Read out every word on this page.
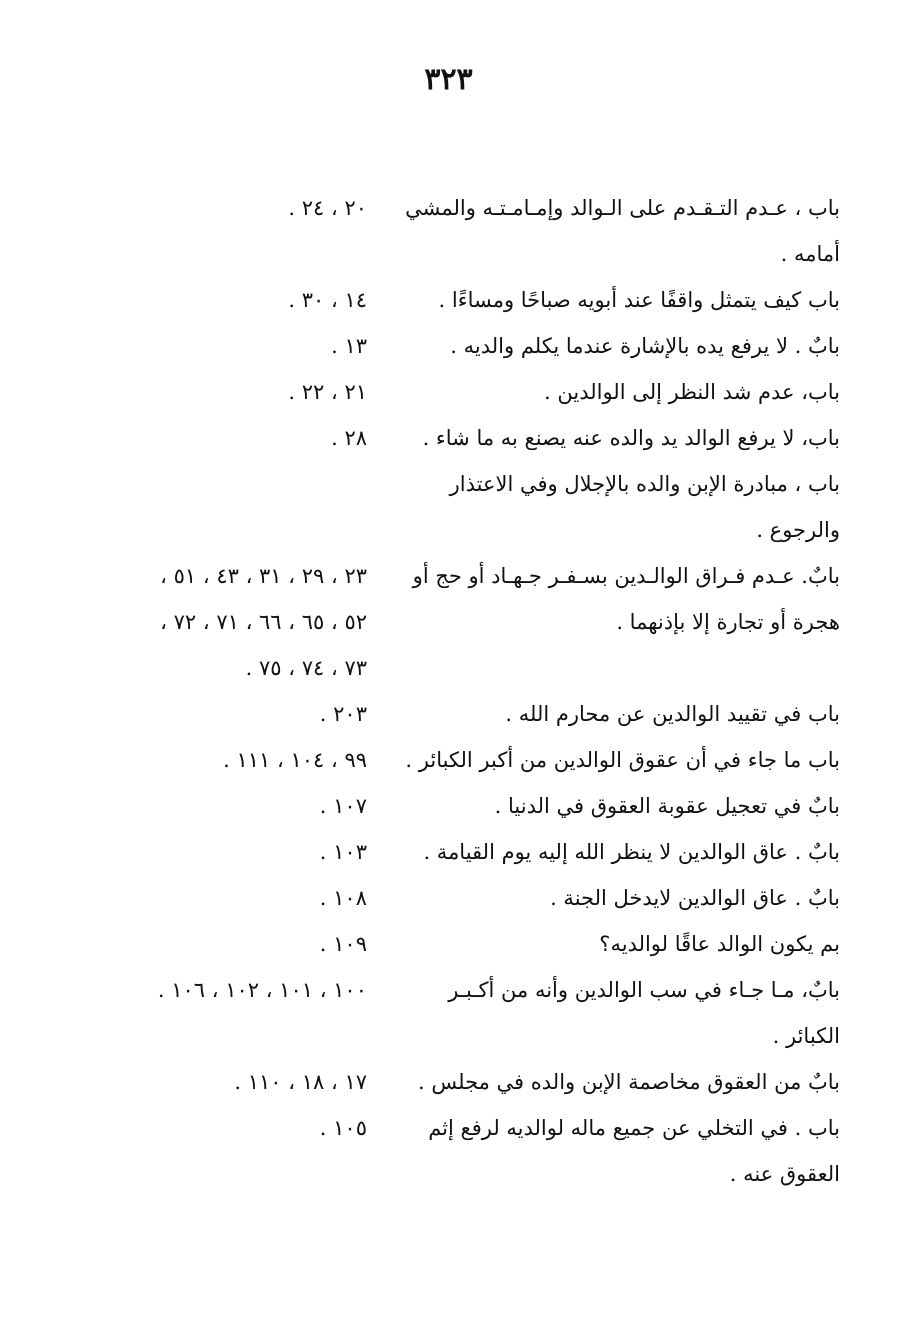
٣٢٣
باب ، عـدم التـقـدم على الـوالد وإمـامـتـه والمشي
٢٠ ، ٢٤ .
أمامه .
باب كيف يتمثل واقفًا عند أبويه صباحًا ومساءًا .
١٤ ، ٣٠ .
بابٌ . لا يرفع يده بالإشارة عندما يكلم والديه .
١٣ .
باب، عدم شد النظر إلى الوالدين .
٢١ ، ٢٢ .
باب، لا يرفع الوالد يد والده عنه يصنع به ما شاء .
٢٨ .
باب ، مبادرة الإبن والده بالإجلال وفي الاعتذار
والرجوع .
بابٌ. عـدم فـراق الوالـدين بسـفـر جـهـاد أو حج أو
٢٣ ، ٢٩ ، ٣١ ، ٤٣ ، ٥١ ،
هجرة أو تجارة إلا بإذنهما .
٥٢ ، ٦٥ ، ٦٦ ، ٧١ ، ٧٢ ،
٧٣ ، ٧٤ ، ٧٥ .
باب في تقييد الوالدين عن محارم الله .
٢٠٣ .
باب ما جاء في أن عقوق الوالدين من أكبر الكبائر .
٩٩ ، ١٠٤ ، ١١١ .
بابٌ في تعجيل عقوبة العقوق في الدنيا .
١٠٧ .
بابٌ . عاق الوالدين لا ينظر الله إليه يوم القيامة .
١٠٣ .
بابٌ . عاق الوالدين لايدخل الجنة .
١٠٨ .
بم يكون الوالد عاقًا لوالديه؟
١٠٩ .
بابٌ، مـا جـاء في سب الوالدين وأنه من أكـبـر
١٠٠ ، ١٠١ ، ١٠٢ ، ١٠٦ .
الكبائر .
بابٌ من العقوق مخاصمة الإبن والده في مجلس .
١٧ ، ١٨ ، ١١٠ .
باب . في التخلي عن جميع ماله لوالديه لرفع إثم
١٠٥ .
العقوق عنه .
